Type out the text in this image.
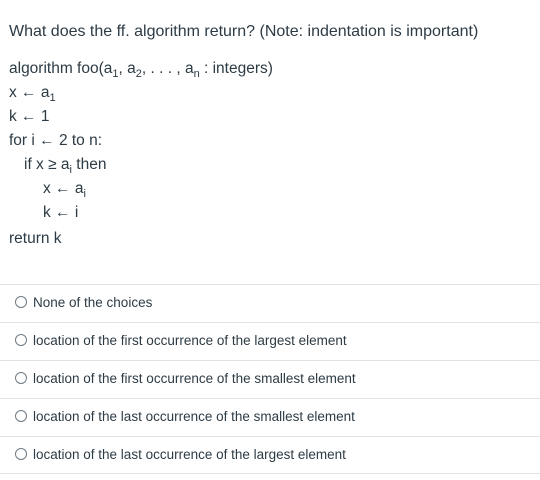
What does the ff. algorithm return? (Note: indentation is important)
algorithm $foo(a_1$, $a_2$, . . . , $a_n$ : integers)
x ← $a_1$
k ← 1
for i ← 2 to n:
if $x \ge a_i$ then
x ← $a_i$
k ← i
return k
None of the choices
location of the first occurrence of the largest element
location of the first occurrence of the smallest element
location of the last occurrence of the smallest element
location of the last occurrence of the largest element
